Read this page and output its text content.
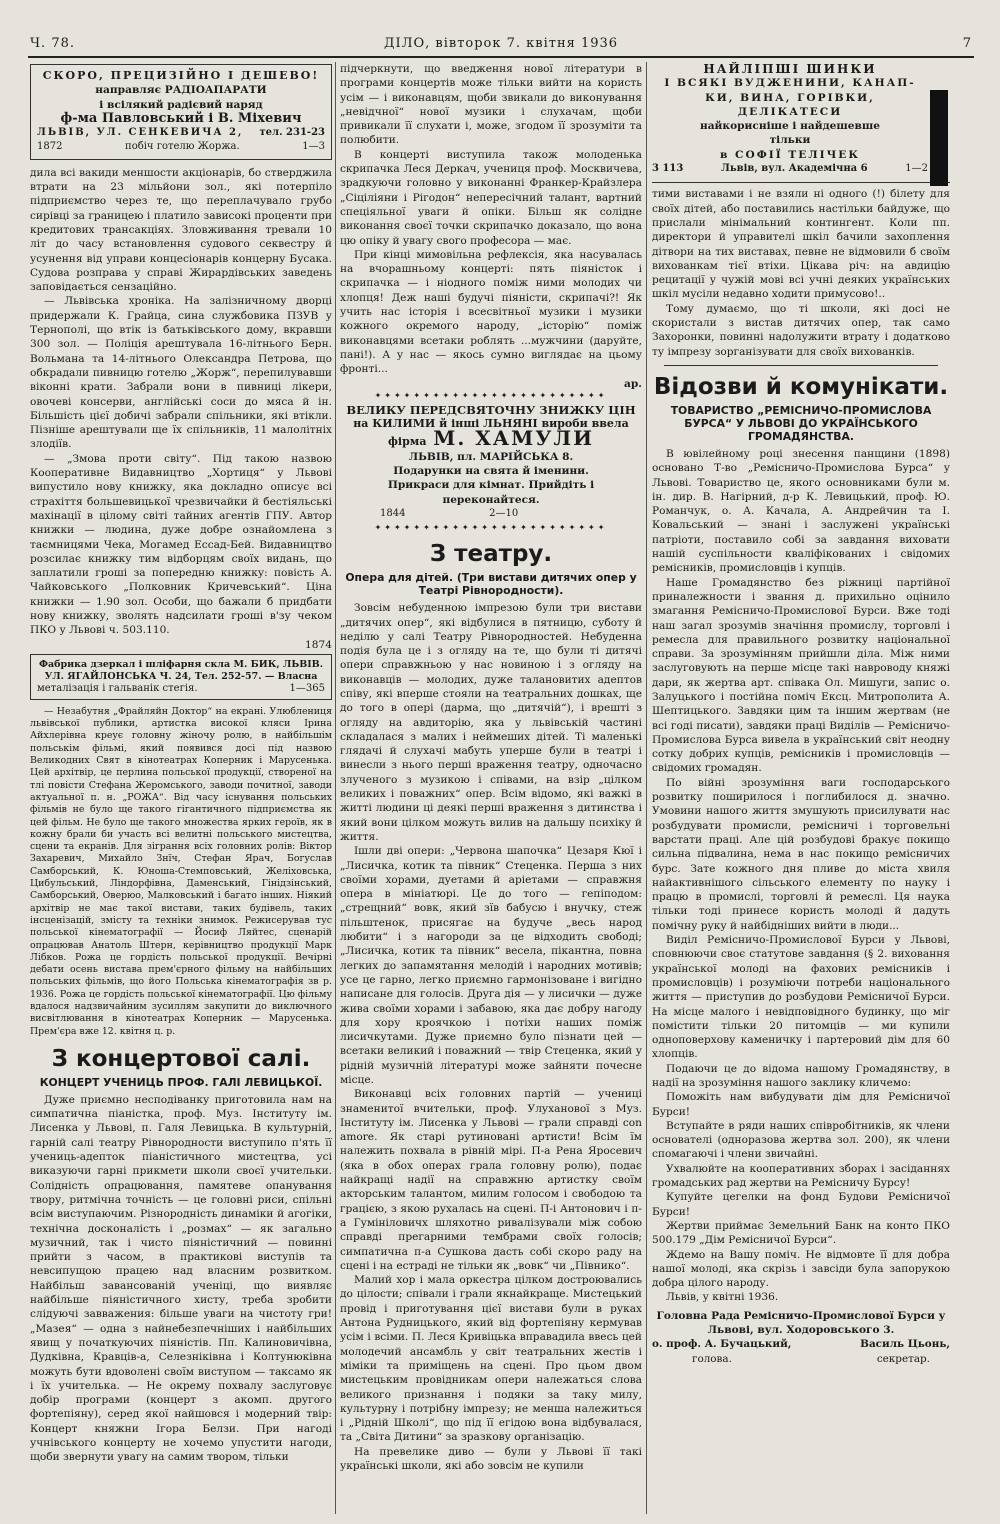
Ч. 78.	ДІЛО, вівторок 7. квітня 1936	7
СКОРО, ПРЕЦИЗІЙНО І ДЕШЕВО!
направляє РАДІОАПАРАТИ
і всілякий радієвий наряд
ф-ма Павловський і В. Міхевич
ЛЬВІВ, УЛ. СЕНКЕВИЧА 2, тел. 231-23
1872	побіч готелю Жоржа.	1—3

дила всі вакиди меншости акціонарів, бо стверджила втрати на 23 мільйони зол., які потерпіло підприємство через те, що переплачувало грубо сирівці за границею і платило зависокі проценти при кредитових трансакціях. Зловживання тревали 10 літ до часу встановлення судового секвестру й усунення від управи концесіонарів концерну Бусака. Судова розправа у справі Жирардівських заведень заповідається сензаційно.

— Львівська хроніка. На залізничному дворці придержали К. Грайца, сина службовика ПЗУВ у Тернополі, що втік із батьківського дому, вкравши 300 зол. — Поліція арештувала 16-літнього Берн. Вольмана та 14-літнього Олександра Петрова, що обкрадали пивницю готелю „Жорж“, перепилувавши віконні крати. Забрали вони в пивниці лікери, овочеві консерви, англійські соси до мяса й ін. Більшість цієї добичі забрали спільники, які втікли. Пізніше арештували ще їх спільників, 11 малолітніх злодіїв.

— „Змова проти світу“. Під такою назвою Кооперативне Видавництво „Хортиця“ у Львові випустило нову книжку, яка докладно описує всі страхіття большевицької чрезвичайки й бестіяльські махінації в цілому світі тайних агентів ГПУ. Автор книжки — людина, дуже добре ознайомлена з таємницями Чека, Могамед Ессад-Бей. Видавництво розсилає книжку тим відборцям своїх видань, що заплатили гроші за попередню книжку: повість А. Чайковського „Полковник Кричевський“. Ціна книжки — 1.90 зол. Особи, що бажали б придбати нову книжку, зволять надсилати гроші в'зу чеком ПКО у Львові ч. 503.110.

1874
Фабрика дзеркал і шліфарня скла М. БИК, ЛЬВІВ.
УЛ. ЯГАЙЛОНСЬКА Ч. 24, Тел. 252-57. — Власна
металізація і гальванік стегія.	1—365

— Незабутня „Фрайляйн Доктор“ на екрані. Улюблениця львівської публики, артистка високої кляси Ірина Айхлерівна креує головну жіночу ролю, в найбільшім польськім фільмі, який появився досі під назвою Великодних Свят в кінотеатрах Коперник і Марусенька. Цей архітвір, це перлина польської продукції, створеної на тлі повісти Стефана Жеромського, заводи почитної, заводи актуальної п. н. „РОЖА“. Від часу існування польських фільмів не було ще такого гігантичного підприємства як цей фільм. Не було ще такого множества ярких героїв, як в кожну брали би участь всі велитні польського мистецтва, сцени та екранів. Для зіграння всіх головних ролів: Віктор Захаревич, Михайло Знїч, Стефан Ярач, Богуслав Самборський, К. Юноша-Стемповський, Желіховська, Цибульський, Ліндорфівна, Даменський, Гінідзінський, Самборський, Оверюо, Малковський і багато інших. Ніякий архітвір не має такої вистави, таких будівель, таких інсценізацій, змісту та техніки знимок. Режисерував тус польської кінематографії — Йосиф Ляйтес, сценарій опрацював Анатоль Штерн, керівництво продукції Марк Лібков. Рожа це гордість польської продукції. Вечірні дебати осень вистава прем'єрного фільму на найбільших польських фільмів, що його Польська кінематографія зв р. 1936. Рожа це гордість польської кінематографії. Цю фільму вдалося надзвичайним зусиллям закупити до виключного висвітлювання в кінотеатрах Коперник — Марусенька. Прем'єра вже 12. квітня ц. р.

З концертової салі.
КОНЦЕРТ УЧЕНИЦЬ ПРОФ. ГАЛІ ЛЕВИЦЬКОЇ.

Дуже приємно несподіванку приготовила нам на симпатична піаністка, проф. Муз. Інституту ім. Лисенка у Львові, п. Галя Левицька. В культурній, гарній салі театру Рівнородности виступило п'ять її учениць-адепток піаністичного мистецтва, усі виказуючи гарні прикмети школи своєї учительки. Солідність опрацювання, памятеве опанування твору, ритмічна точність — це головні риси, спільні всім виступаючим. Різнородність динаміки й агогіки, технічна досконалість і „розмах“ — як загально музичний, так і чисто піяністичний — повинні прийти з часом, в практикові виступів та невсипущою працею над власним розвитком. Найбільш завансованій ученіці, що виявляє найбільше піяністичного хисту, треба зробити слідуючі завважения: більше уваги на чистоту гри! „Мазея“ — одна з найнебезпечніших і найбільших явищ у початкуючих піяністів. Пп. Калиновичівна, Дудківна, Кравців-а, Селезніківна і Колтунюківна можуть бути вдоволені своїм виступом — таксамо як і їх учителька. — Не окрему похвалу заслуговує добір програми (концерт з акомп. другого фортепіяну), серед якої найшовся і модерний твір: Концерт княжни Ігора Белзи. При нагоді учнівського концерту не хочемо упустити нагоди, щоби звернути увагу на самим твором, тільки

підчеркнути, що введження нової літератури в програми концертів може тільки вийти на користь усім — і виконавцям, щоби звикали до виконування „невідчної“ нової музики і слухачам, щоби привикали її слухати і, може, згодом її зрозуміти та полюбити.

В концерті виступила також молоденька скрипачка Леся Деркач, учениця проф. Москвичева, зрадкуючи головно у виконанні Франкер-Крайзлера „Сіціліяни і Рігодон“ непересічний талант, вартний спеціяльної уваги й опіки. Більш як солідне виконання своєї точки скрипачко доказало, що вона цю опіку й увагу свого професора — має.

При кінці мимовільна рефлексія, яка насувалась на вчорашньому концерті: пять піяністок і скрипачка — і ніодного поміж ними молодих чи хлопця! Деж наші будучі піяністи, скрипачі?! Як учить нас історія і всесвітньої музики і музики кожного окремого народу, „історію“ поміж виконавцями всетаки роблять ...мужчини (даруйте, пані!). А у нас — якось сумно виглядає на цьому фронті...

ар.
✦✦✦✦✦✦✦✦✦✦✦✦✦✦✦✦✦✦✦✦✦✦✦✦
ВЕЛИКУ ПЕРЕДСВЯТОЧНУ ЗНИЖКУ ЦІН
на КИЛИМИ й інші ЛЬНЯНІ вироби ввела
фірма М. ХАМУЛИ
ЛЬВІВ, пл. МАРІЙСЬКА 8.
Подарунки на свята й іменини.
Прикраси для кімнат. Прийдіть і переконайтеся.
1844	2—10
✦✦✦✦✦✦✦✦✦✦✦✦✦✦✦✦✦✦✦✦✦✦✦✦
З театру.
Опера для дітей. (Три вистави дитячих опер у Театрі Рівнородности).

Зовсім небуденною імпрезою були три вистави „дитячих опер“, які відбулися в пятницю, суботу й неділю у салі Театру Рівнородностей. Небуденна подія була це і з огляду на те, що були ті дитячі опери справжньою у нас новиною і з огляду на виконавців — молодих, дуже талановитих адептов співу, які вперше стояли на театральних дошках, ще до того в опері (дарма, що „дитячій“), і врешті з огляду на авдиторію, яка у львівській частині складалася з малих і неймеших дітей. Ті маленькі глядачі й слухачі мабуть уперше були в театрі і винесли з нього перші враження театру, одночасно злученого з музикою і співами, на взір „цілком великих і поважних“ опер. Всім відомо, які важкі в житті людини ці деякі перші враження з дитинства і який вони цілком можуть вилив на дальшу психіку й життя.

Ішли дві опери: „Червона шапочка“ Цезаря Кюї і „Лисичка, котик та півник“ Стеценка. Перша з них своїми хорами, дуетами й аріетами — справжня опера в мініатюрі. Це до того — гепіподом: „стрещний“ вовк, який зїв бабусю і внучку, стеж пільштенок, присягає на будуче „весь народ любити“ і з нагороди за це відходить свободі; „Лисичка, котик та півник“ весела, пікантна, повна легких до запамятання мелодій і народних мотивів; усе це гарно, легко приємно гармонізоване і вигідно написане для голосів. Друга дія — у лисички — дуже жива своїми хорами і забавою, яка дає добру нагоду для хору кроячкою і потіхи наших поміж лисичкутами. Дуже приємно було пізнати цей — всетаки великий і поважний — твір Стеценка, який у рідній музичній літературі може зайняти почесне місце.

Виконавці всіх головних партій — учениці знаменитої вчительки, проф. Улуханової з Муз. Інституту ім. Лисенка у Львові — грали справді con amore. Як старі рутиновані артисти! Всім їм належить похвала в рівній мірі. П-а Рена Яросевич (яка в обох операх грала головну ролю), подає найкращі надії на справжню артистку своїм акторським талантом, милим голосом і свободою та грацією, з якою рухалась на сцені. П-і Антонович і п-а Гумініловичх шляхотно ривалізували між собою справді прегарними тембрами своїх голосів; симпатична п-а Сушкова дасть собі скоро раду на сцені і на естраді не тільки як „вовк“ чи „Півнико“.

Малий хор і мала оркестра цілком достроювались до цілости; співали і грали якнайкраще. Мистецький провід і приготування цієї вистави були в руках Антона Рудницького, який від фортепіяну кермував усім і всіми. П. Леся Кривіцька вправадила ввесь цей молодечий ансамбль у світ театральних жестів і міміки та приміщень на сцені. Про цьом двом мистецьким провідникам опери належаться слова великого признання і подяки за таку милу, культурну і потрібну імпрезу; не менша належиться і „Рідній Школі“, що під її егідою вона відбувалася, та „Світа Дитини“ за зразкову організацію.

На превелике диво — були у Львові її такі українські школи, які або зовсім не купили

НАЙЛІПШІ ШИНКИ
І ВСЯКІ ВУДЖЕНИНИ, КАНАП-
КИ, ВИНА, ГОРІВКИ,
ДЕЛІКАТЕСИ
найкорисніше і найдешевше
тільки
в СОФІЇ ТЕЛІЧЕК
3 113	Львів, вул. Академічна 6	1—2

тими виставами і не взяли ні одного (!) білету для своїх дітей, або поставились настільки байдуже, що прислали мінімальний контингент. Коли пп. директори й управителі шкіл бачили захоплення дітвори на тих виставах, певне не відмовили б своїм вихованкам тієї втіхи. Цікава річ: на авдицію рецитації у чужій мові всі учні деяких українських шкіл мусіли недавно ходити примусово!..

Тому думаємо, що ті школи, які досі не скористали з вистав дитячих опер, так само Захоронки, повинні надолужити втрату і додатково ту імпрезу зорганізувати для своїх вихованків.

Відозви й комунікати.
ТОВАРИСТВО „РЕМІСНИЧО-ПРОМИСЛОВА БУРСА“ У ЛЬВОВІ ДО УКРАЇНСЬКОГО ГРОМАДЯНСТВА.

В ювілейному році знесення панщини (1898) основано Т-во „Ремісничо-Промислова Бурса“ у Львові. Товариство це, якого основниками були м. ін. дир. В. Нагірний, д-р К. Левицький, проф. Ю. Романчук, о. А. Качала, А. Андрейчин та І. Ковальський — знані і заслужені українські патріоти, поставило собі за завдання виховати нашій суспільности кваліфікованих і свідомих ремісників, промисловців і купців.

Наше Громадянство без ріжниці партійної приналежности і звання д. прихильно оцінило змагання Ремісничо-Промислової Бурси. Вже тоді наш загал зрозумів значіння промислу, торговлі і ремесла для правильного розвитку національної справи. За зрозумінням прийшли діла. Між ними заслуговують на перше місце такі навроводу княжі дари, як жертва арт. співака Ол. Мишуги, запис о. Залуцького і постійна поміч Ексц. Митрополита А. Шептицького. Завдяки цим та іншим жертвам (не всі годі писати), завдяки праці Виділів — Ремісничо-Промислова Бурса вивела в український світ неодну сотку добрих купців, ремісників і промисловців — свідомих громадян.

По війні зрозуміння ваги господарського розвитку поширилося і поглибилося д. значно. Умовини нашого життя змушують присилувати нас розбудувати промисли, ремісничі і торговельні варстати праці. Але цій розбудові бракує покищо сильна підвалина, нема в нас покищо ремісничих бурс. Зате кожного дня пливе до міста хвиля найактивнішого сільського елементу по науку і працю в промислі, торговлі й ремеслі. Ця наука тільки тоді принесе користь молоді й дадуть помічну руку й найбідніших вийти в люди...

Виділ Ремісничо-Промислової Бурси у Львові, сповнюючи своє статутове завдання (§ 2. виховання української молоді на фахових ремісників і промисловців) і розуміючи потреби національного життя — приступив до розбудови Ремісничої Бурси. На місце малого і невідповідного будинку, що міг помістити тільки 20 питомців — ми купили одноповерхову каменичку і партеровий дім для 60 хлопців.

Подаючи це до відома нашому Громадянству, в надії на зрозуміння нашого заклику кличемо:

Поможіть нам вибудувати дім для Ремісничої Бурси!

Вступайте в ряди наших співробітників, як члени основателі (одноразова жертва зол. 200), як члени спомагаючі і члени звичайні.

Ухвалюйте на кооперативних зборах і засіданнях громадських рад жертви на Ремісничу Бурсу!

Купуйте цегелки на фонд Будови Ремісничої Бурси!

Жертви приймає Земельний Банк на конто ПКО 500.179 „Дім Ремісничої Бурси“.

Ждемо на Вашу поміч. Не відмовте її для добра нашої молоді, яка скрізь і завсіди була запорукою добра цілого народу.

Львів, у квітні 1936.

Головна Рада Ремісничо-Промислової Бурси у Львові, вул. Ходоровського 3.
о. проф. А. Бучацький,	Василь Цьонь,
голова.	секретар.
